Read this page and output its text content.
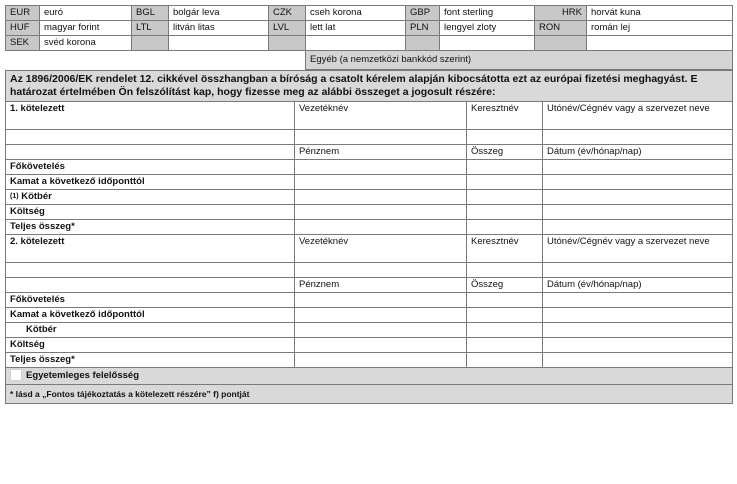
EUR	euró	BGL	bolgár leva	CZK	cseh korona	GBP	font sterling	HRK	horvát kuna
HUF	magyar forint	LTL	litván litas	LVL	lett lat	PLN	lengyel zloty	RON	román lej
SEK	svéd korona								
					Egyéb (a nemzetközi bankkód szerint)				
Az 1896/2006/EK rendelet 12. cikkével összhangban a bíróság a csatolt kérelem alapján kibocsátotta ezt az európai fizetési meghagyást. E határozat értelmében Ön felszólítást kap, hogy fizesse meg az alábbi összeget a jogosult részére:			
1. kötelezett	Vezetéknév	Keresztnév	Utónév/Cégnév vagy a szervezet neve

	Pénznem	Összeg	Dátum (év/hónap/nap)
Főkövetelés			
Kamat a következő időponttól			
$^{(1)}$ Kötbér			
Költség			
Teljes összeg*			
2. kötelezett	Vezetéknév	Keresztnév	Utónév/Cégnév vagy a szervezet neve

	Pénznem	Összeg	Dátum (év/hónap/nap)
Főkövetelés			
Kamat a következő időponttól			
Kötbér			
Költség			
Teljes összeg*			
Egyetemleges felelősség			
* lásd a „Fontos tájékoztatás a kötelezett részére” f) pontját			
